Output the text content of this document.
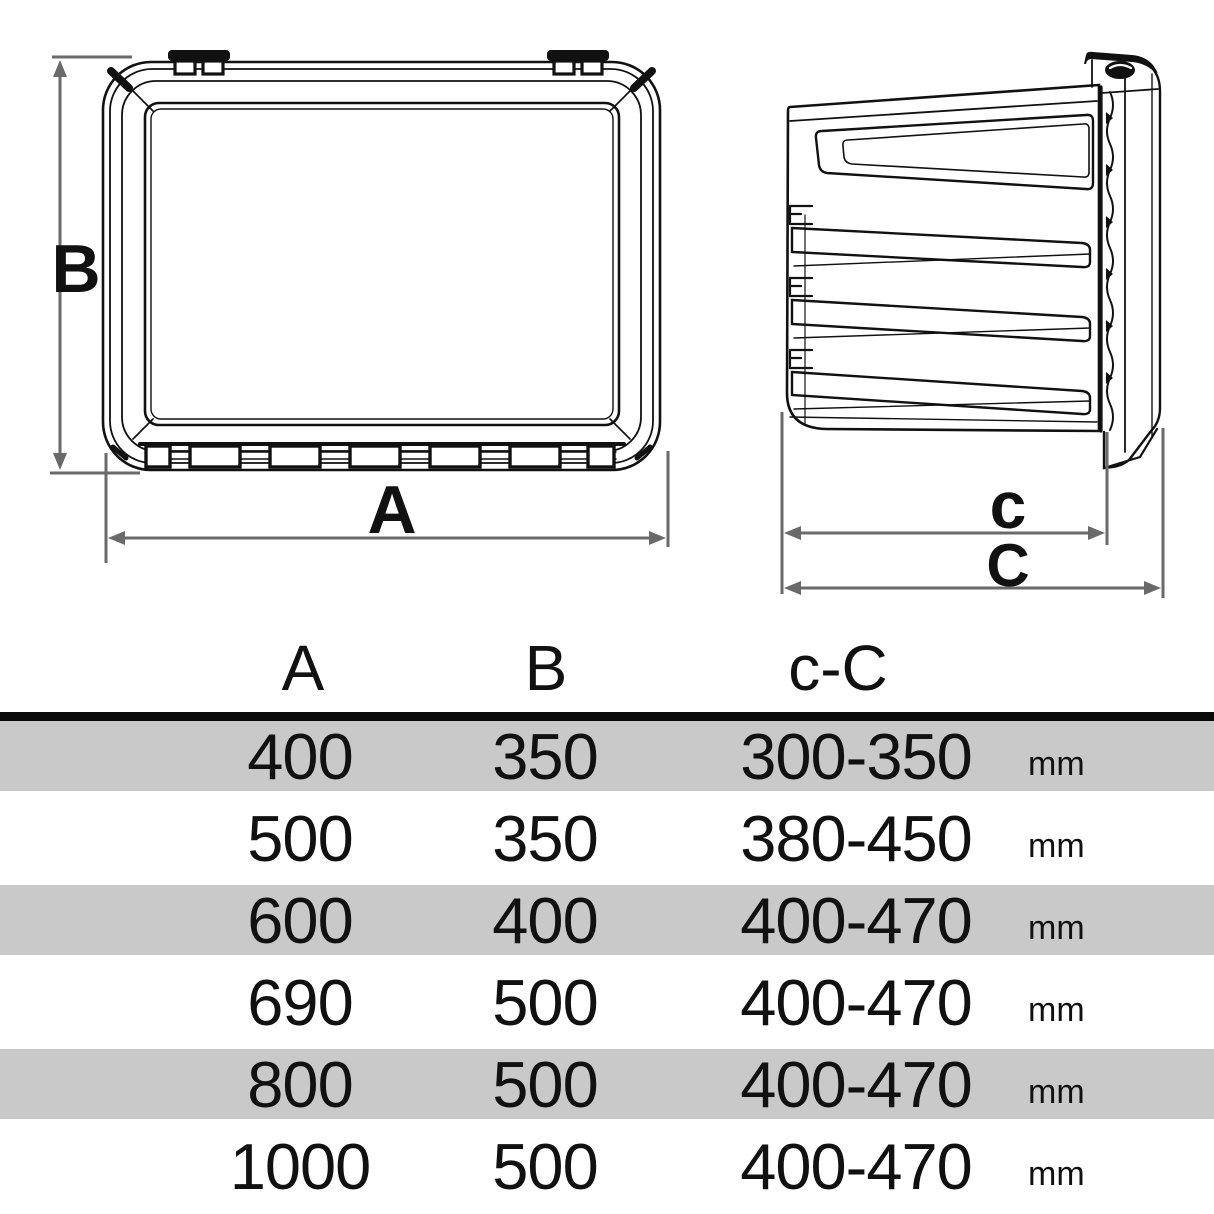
B
A	c
C
A	B	c-C
400	350	300-350	mm
500	350	380-450	mm
600	400	400-470	mm
690	500	400-470	mm
800	500	400-470	mm
1000	500	400-470	mm
